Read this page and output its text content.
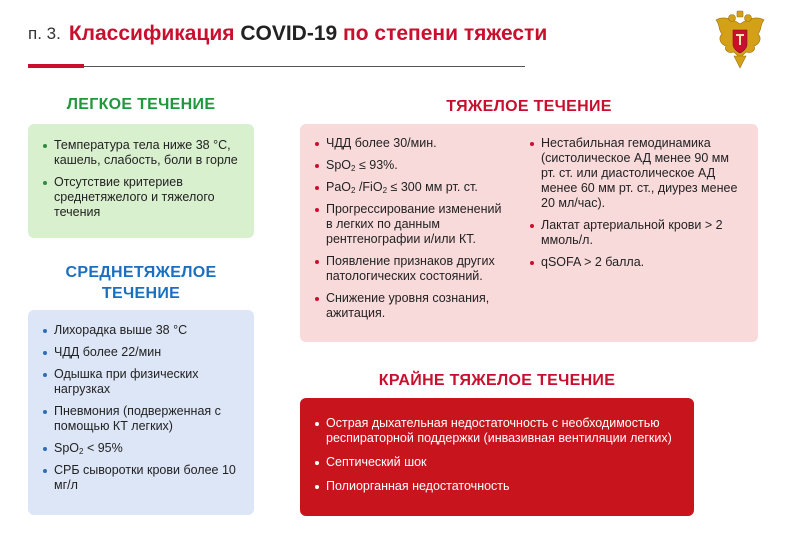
п. 3. Классификация COVID-19 по степени тяжести
ЛЕГКОЕ ТЕЧЕНИЕ
Температура тела ниже 38 °С, кашель, слабость, боли в горле
Отсутствие критериев среднетяжелого и тяжелого течения
СРЕДНЕТЯЖЕЛОЕ
ТЕЧЕНИЕ
Лихорадка выше 38 °С
ЧДД более 22/мин
Одышка при физических нагрузках
Пневмония (подверженная с помощью КТ легких)
SpO$_2$ < 95%
СРБ сыворотки крови более 10 мг/л
ТЯЖЕЛОЕ ТЕЧЕНИЕ
ЧДД более 30/мин.
SpO$_2$ ≤ 93%.
PaO$_2$ /FiO$_2$ ≤ 300 мм рт. ст.
Прогрессирование изменений в легких по данным рентгенографии и/или КТ.
Появление признаков других патологических состояний.
Снижение уровня сознания, ажитация.
Нестабильная гемодинамика (систолическое АД менее 90 мм рт. ст. или диастолическое АД менее 60 мм рт. ст., диурез менее 20 мл/час).
Лактат артериальной крови > 2 ммоль/л.
qSOFA > 2 балла.
КРАЙНЕ ТЯЖЕЛОЕ ТЕЧЕНИЕ
Острая дыхательная недостаточность с необходимостью респираторной поддержки (инвазивная вентиляции легких)
Септический шок
Полиорганная недостаточность
